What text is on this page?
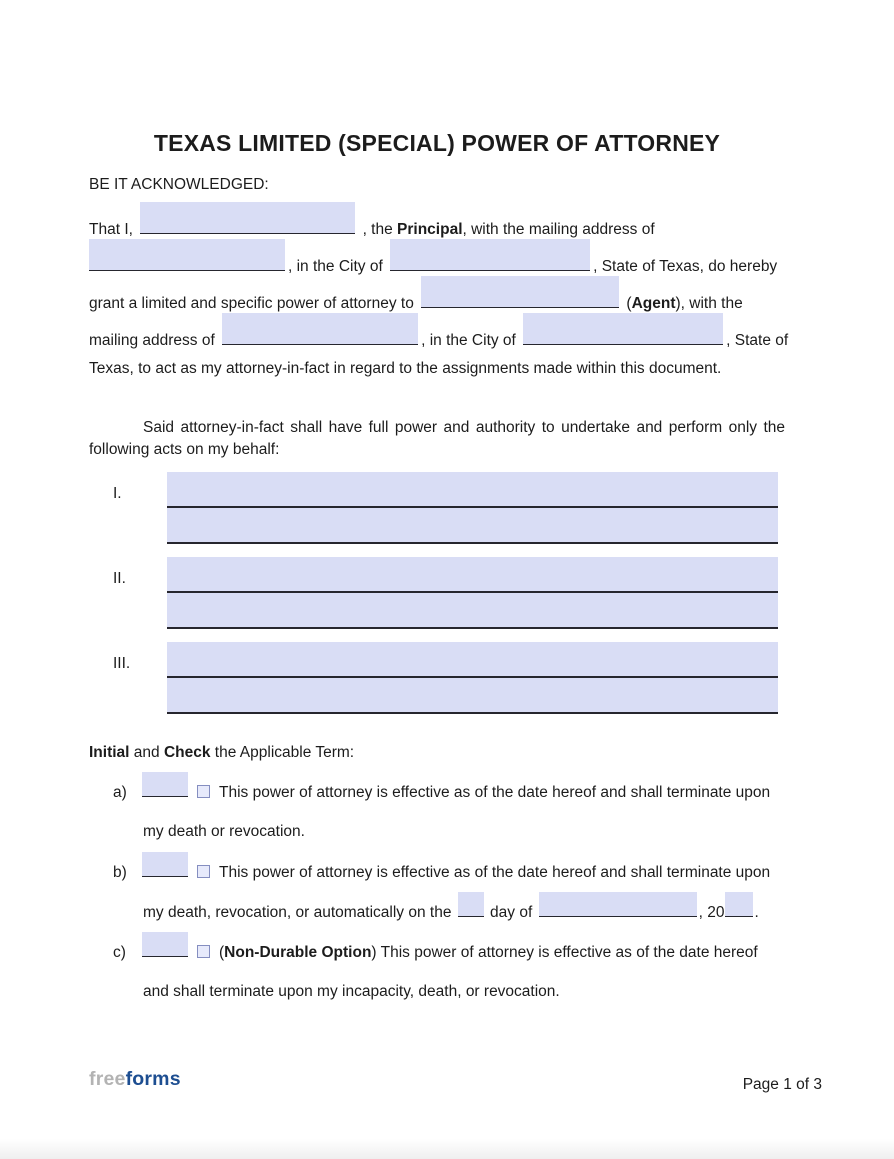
TEXAS LIMITED (SPECIAL) POWER OF ATTORNEY
BE IT ACKNOWLEDGED:
That I,	, the Principal, with the mailing address of
, in the City of	, State of Texas, do hereby
grant a limited and specific power of attorney to	(Agent), with the
mailing address of	, in the City of	, State of
Texas, to act as my attorney-in-fact in regard to the assignments made within this document.
Said attorney-in-fact shall have full power and authority to undertake and perform only the
following acts on my behalf:
I.
II.
III.
Initial and Check the Applicable Term:
a)	This power of attorney is effective as of the date hereof and shall terminate upon
my death or revocation.
b)	This power of attorney is effective as of the date hereof and shall terminate upon
my death, revocation, or automatically on the  day of	, 20 .
c)	(Non-Durable Option) This power of attorney is effective as of the date hereof
and shall terminate upon my incapacity, death, or revocation.
freeforms	Page 1 of 3
